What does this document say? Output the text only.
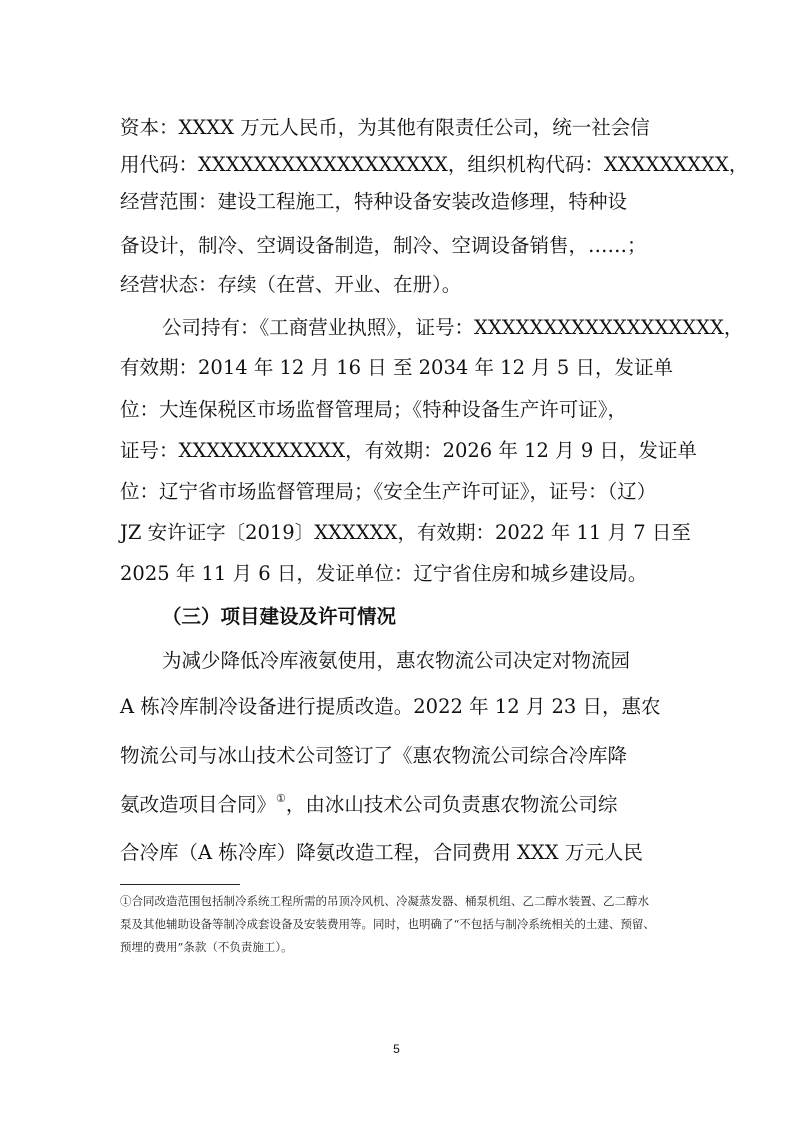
资本：XXXX 万元人民币，为其他有限责任公司，统一社会信
用代码：XXXXXXXXXXXXXXXXXX，组织机构代码：XXXXXXXXX，
经营范围：建设工程施工，特种设备安装改造修理，特种设
备设计，制冷、空调设备制造，制冷、空调设备销售，……；
经营状态：存续（在营、开业、在册）。
公司持有：《工商营业执照》，证号：XXXXXXXXXXXXXXXXXX，
有效期：2014 年 12 月 16 日 至 2034 年 12 月 5 日，发证单
位：大连保税区市场监督管理局；《特种设备生产许可证》，
证号：XXXXXXXXXXXX，有效期：2026 年 12 月 9 日，发证单
位：辽宁省市场监督管理局；《安全生产许可证》，证号：（辽）
JZ 安许证字〔2019〕XXXXXX，有效期：2022 年 11 月 7 日至
2025 年 11 月 6 日，发证单位：辽宁省住房和城乡建设局。
（三）项目建设及许可情况
为减少降低冷库液氨使用，惠农物流公司决定对物流园
A 栋冷库制冷设备进行提质改造。2022 年 12 月 23 日，惠农
物流公司与冰山技术公司签订了《惠农物流公司综合冷库降
氨改造项目合同》①，由冰山技术公司负责惠农物流公司综
合冷库（A 栋冷库）降氨改造工程，合同费用 XXX 万元人民
①合同改造范围包括制冷系统工程所需的吊顶冷风机、冷凝蒸发器、桶泵机组、乙二醇水装置、乙二醇水
泵及其他辅助设备等制冷成套设备及安装费用等。同时，也明确了“不包括与制冷系统相关的土建、预留、
预埋的费用”条款（不负责施工）。
5
